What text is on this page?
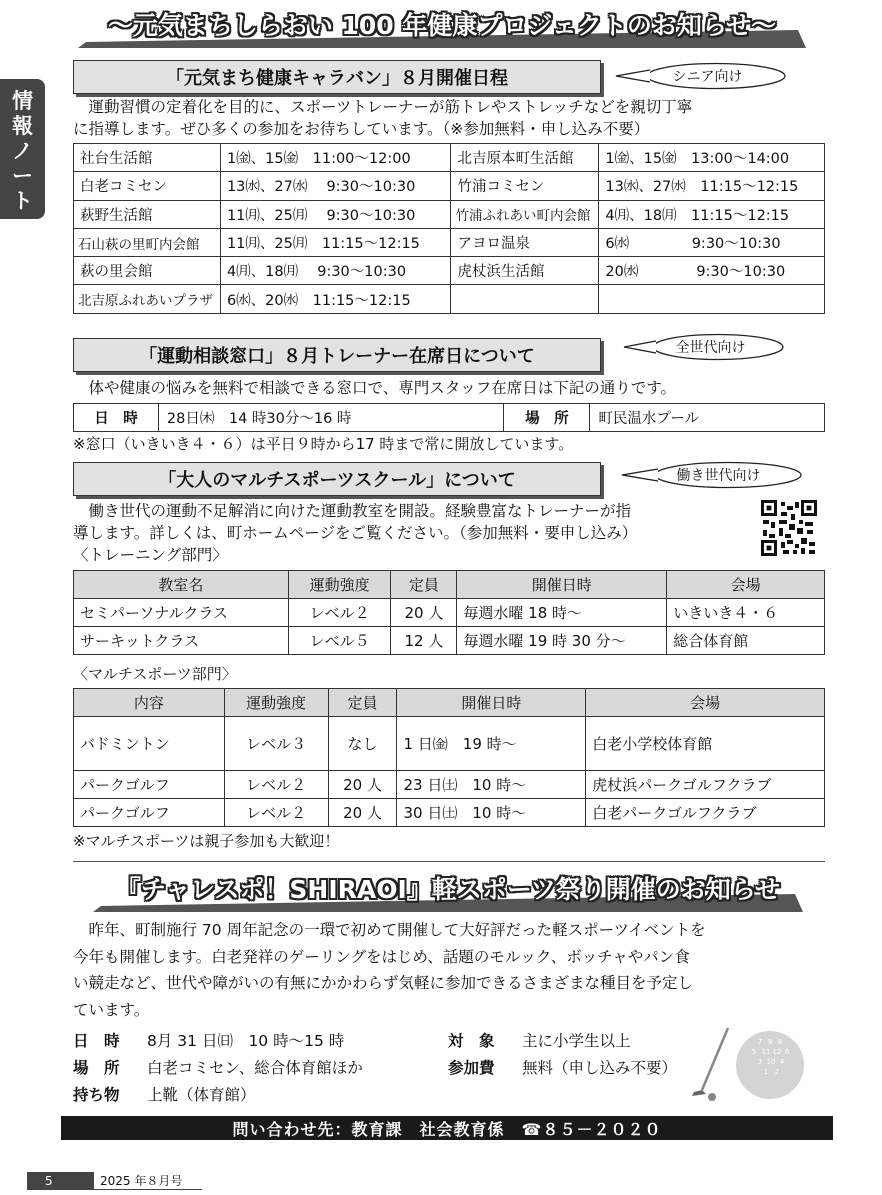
情
報
ノ
ー
ト
〜元気まちしらおい 100 年健康プロジェクトのお知らせ〜
「元気まち健康キャラバン」８月開催日程	シニア向け
　運動習慣の定着化を目的に、スポーツトレーナーが筋トレやストレッチなどを親切丁寧
に指導します。ぜひ多くの参加をお待ちしています。（※参加無料・申し込み不要）
社台生活館	1㈮、15㈮　11:00〜12:00	北吉原本町生活館	1㈮、15㈮　13:00〜14:00
白老コミセン	13㈬、27㈬　 9:30〜10:30	竹浦コミセン	13㈬、27㈬　11:15〜12:15
萩野生活館	11㈪、25㈪　 9:30〜10:30	竹浦ふれあい町内会館	4㈪、18㈪　11:15〜12:15
石山萩の里町内会館	11㈪、25㈪　11:15〜12:15	アヨロ温泉	6㈬　　　　 9:30〜10:30
萩の里会館	4㈪、18㈪　 9:30〜10:30	虎杖浜生活館	20㈬　　　　9:30〜10:30
北吉原ふれあいプラザ	6㈬、20㈬　11:15〜12:15		
「運動相談窓口」８月トレーナー在席日について	全世代向け
　体や健康の悩みを無料で相談できる窓口で、専門スタッフ在席日は下記の通りです。
日　時	28日㈭　14 時30分〜16 時	場　所	町民温水プール
※窓口（いきいき４・６）は平日９時から17 時まで常に開放しています。
「大人のマルチスポーツスクール」について	働き世代向け
　働き世代の運動不足解消に向けた運動教室を開設。経験豊富なトレーナーが指
導します。詳しくは、町ホームページをご覧ください。（参加無料・要申し込み）
〈トレーニング部門〉
教室名	運動強度	定員	開催日時	会場
セミパーソナルクラス	レベル２	20 人	毎週水曜 18 時〜	いきいき４・６
サーキットクラス	レベル５	12 人	毎週水曜 19 時 30 分〜	総合体育館
〈マルチスポーツ部門〉
内容	運動強度	定員	開催日時	会場
バドミントン	レベル３	なし	1 日㈮　19 時〜	白老小学校体育館
パークゴルフ	レベル２	20 人	23 日㈯　10 時〜	虎杖浜パークゴルフクラブ
パークゴルフ	レベル２	20 人	30 日㈯　10 時〜	白老パークゴルフクラブ
※マルチスポーツは親子参加も大歓迎！
『チャレスポ！SHIRAOI』軽スポーツ祭り開催のお知らせ
　昨年、町制施行 70 周年記念の一環で初めて開催して大好評だった軽スポーツイベントを
今年も開催します。白老発祥のゲーリングをはじめ、話題のモルック、ボッチャやパン食
い競走など、世代や障がいの有無にかかわらず気軽に参加できるさまざまな種目を予定し
ています。
日　時 8月 31 日㈰　10 時〜15 時	対　象 主に小学生以上
場　所 白老コミセン、総合体育館ほか	参加費 無料（申し込み不要）
持ち物 上靴（体育館）
7 9 8
5 11 12 6
3 10 4
1 2
問い合わせ先：教育課　社会教育係　☎８５－２０２０
5	2025 年８月号
